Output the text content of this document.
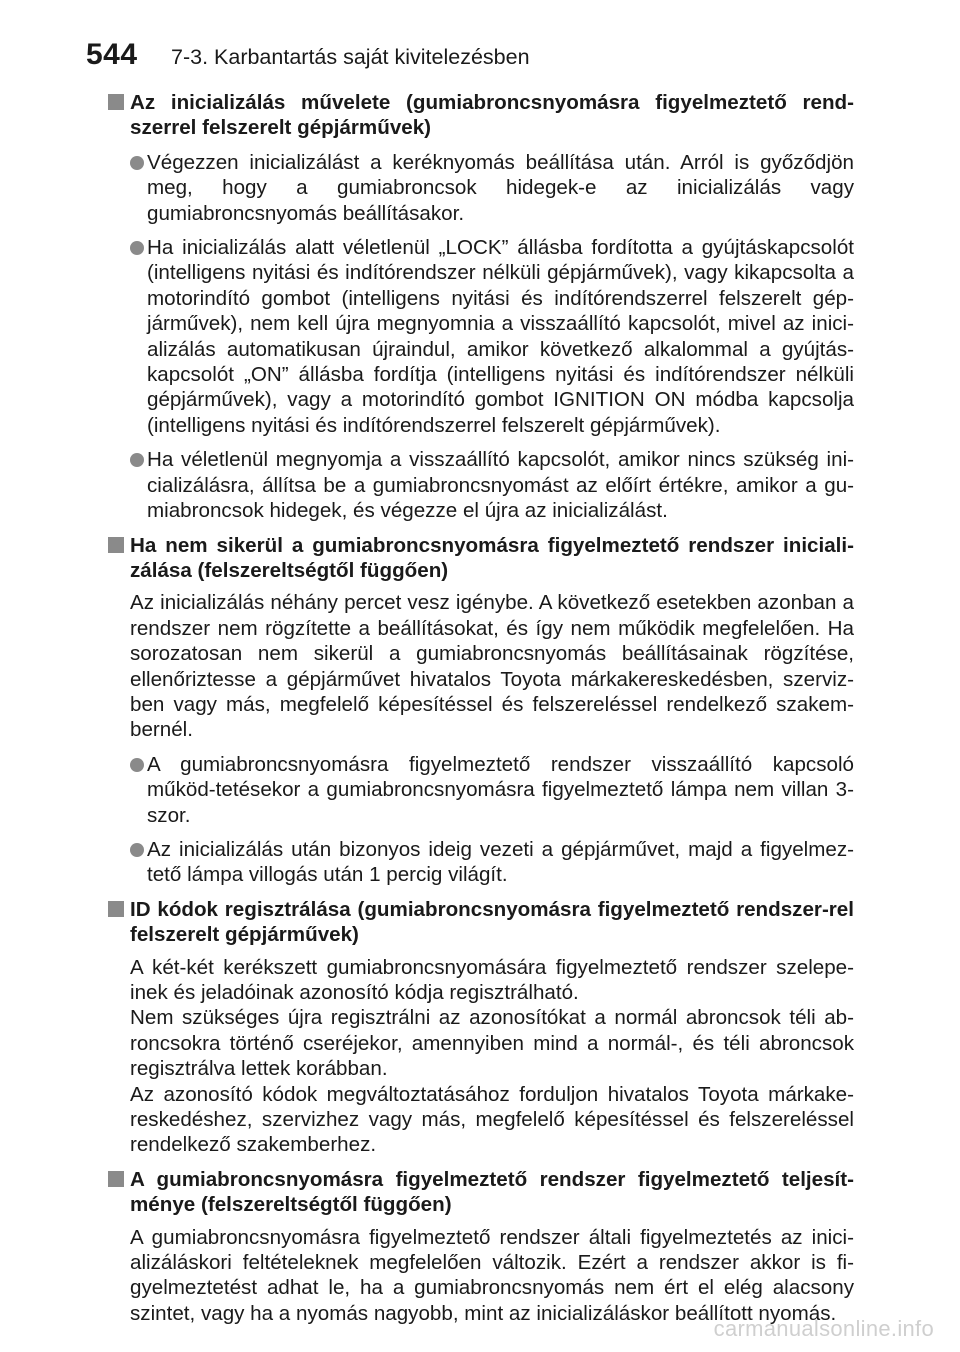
544 7-3. Karbantartás saját kivitelezésben
Az inicializálás művelete (gumiabroncsnyomásra figyelmeztető rend-szerrel felszerelt gépjárművek)
Végezzen inicializálást a keréknyomás beállítása után. Arról is győződjön meg, hogy a gumiabroncsok hidegek-e az inicializálás vagy gumiabroncsnyomás beállításakor.
Ha inicializálás alatt véletlenül „LOCK” állásba fordította a gyújtáskapcsolót (intelligens nyitási és indítórendszer nélküli gépjárművek), vagy kikapcsolta a motorindító gombot (intelligens nyitási és indítórendszerrel felszerelt gép-járművek), nem kell újra megnyomnia a visszaállító kapcsolót, mivel az inici-alizálás automatikusan újraindul, amikor következő alkalommal a gyújtás-kapcsolót „ON” állásba fordítja (intelligens nyitási és indítórendszer nélküli gépjárművek), vagy a motorindító gombot IGNITION ON módba kapcsolja (intelligens nyitási és indítórendszerrel felszerelt gépjárművek).
Ha véletlenül megnyomja a visszaállító kapcsolót, amikor nincs szükség ini-cializálásra, állítsa be a gumiabroncsnyomást az előírt értékre, amikor a gu-miabroncsok hidegek, és végezze el újra az inicializálást.
Ha nem sikerül a gumiabroncsnyomásra figyelmeztető rendszer iniciali-zálása (felszereltségtől függően)
Az inicializálás néhány percet vesz igénybe. A következő esetekben azonban a rendszer nem rögzítette a beállításokat, és így nem működik megfelelően. Ha sorozatosan nem sikerül a gumiabroncsnyomás beállításainak rögzítése, ellenőriztesse a gépjárművet hivatalos Toyota márkakereskedésben, szerviz-ben vagy más, megfelelő képesítéssel és felszereléssel rendelkező szakem-bernél.
A gumiabroncsnyomásra figyelmeztető rendszer visszaállító kapcsoló működ-tetésekor a gumiabroncsnyomásra figyelmeztető lámpa nem villan 3-szor.
Az inicializálás után bizonyos ideig vezeti a gépjárművet, majd a figyelmez-tető lámpa villogás után 1 percig világít.
ID kódok regisztrálása (gumiabroncsnyomásra figyelmeztető rendszer-rel felszerelt gépjárművek)
A két-két kerékszett gumiabroncsnyomására figyelmeztető rendszer szelepe-inek és jeladóinak azonosító kódja regisztrálható.
Nem szükséges újra regisztrálni az azonosítókat a normál abroncsok téli ab-roncsokra történő cseréjekor, amennyiben mind a normál-, és téli abroncsok regisztrálva lettek korábban.
Az azonosító kódok megváltoztatásához forduljon hivatalos Toyota márkake-reskedéshez, szervizhez vagy más, megfelelő képesítéssel és felszereléssel rendelkező szakemberhez.
A gumiabroncsnyomásra figyelmeztető rendszer figyelmeztető teljesít-ménye (felszereltségtől függően)
A gumiabroncsnyomásra figyelmeztető rendszer általi figyelmeztetés az inici-alizáláskori feltételeknek megfelelően változik. Ezért a rendszer akkor is fi-gyelmeztetést adhat le, ha a gumiabroncsnyomás nem ért el elég alacsony szintet, vagy ha a nyomás nagyobb, mint az inicializáláskor beállított nyomás.
carmanualsonline.info
